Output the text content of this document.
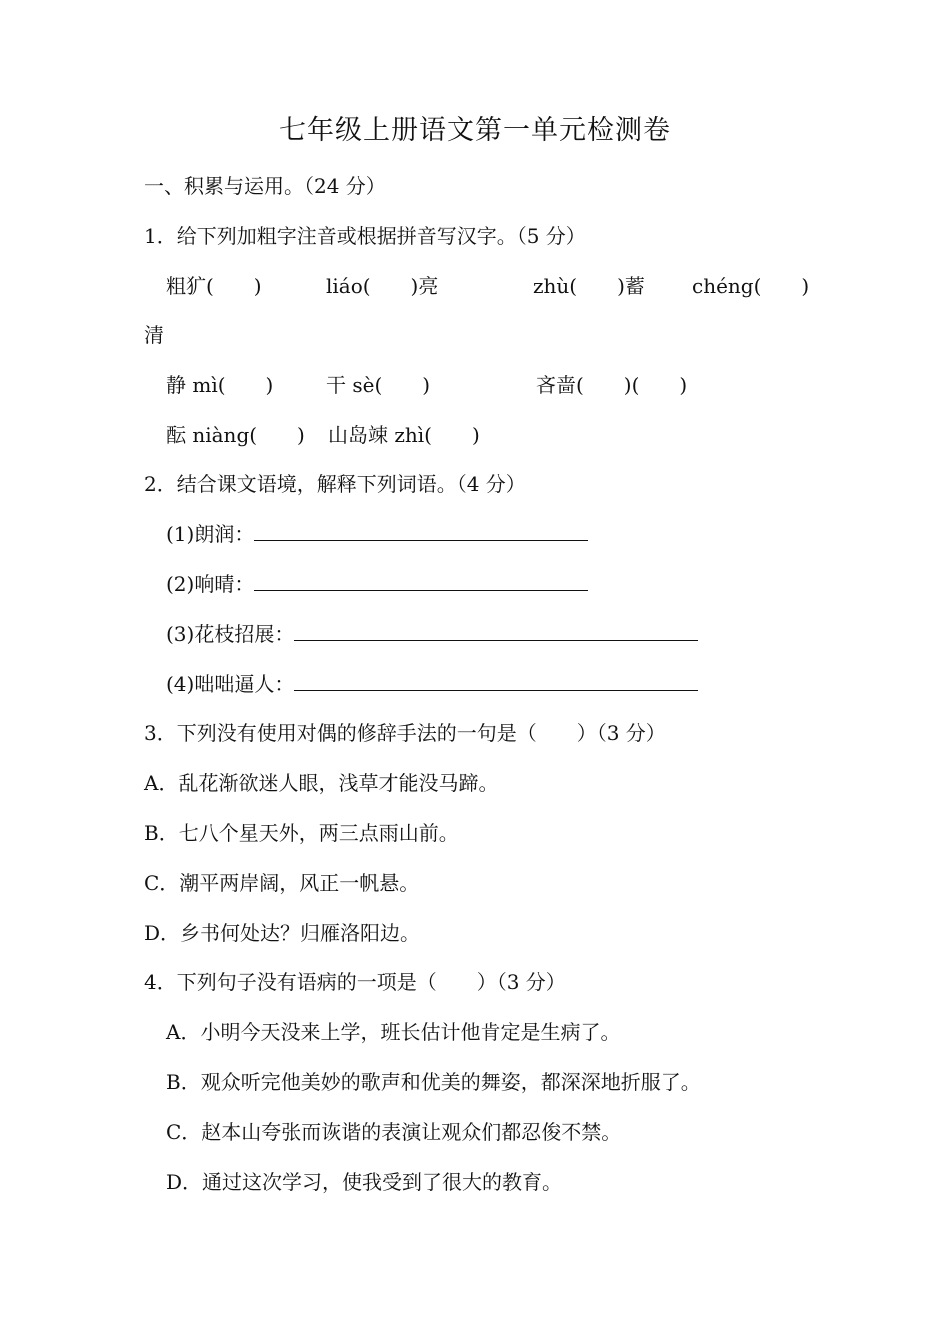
七年级上册语文第一单元检测卷
一、积累与运用。（24 分）
1．给下列加粗字注音或根据拼音写汉字。（5 分）
粗犷(　　)	liáo(　　)亮	zhù(　　)蓄 chéng(　　)
清
静 mì(　　)	干 sè(　　)	吝啬(　　)(　　)
酝 niàng(　　) 山岛竦 zhì(　　)
2．结合课文语境，解释下列词语。（4 分）
(1)朗润：
(2)响晴：
(3)花枝招展：
(4)咄咄逼人：
3．下列没有使用对偶的修辞手法的一句是（　　）（3 分）
A．乱花渐欲迷人眼，浅草才能没马蹄。
B．七八个星天外，两三点雨山前。
C．潮平两岸阔，风正一帆悬。
D．乡书何处达？归雁洛阳边。
4．下列句子没有语病的一项是（　　）（3 分）
A．小明今天没来上学，班长估计他肯定是生病了。
B．观众听完他美妙的歌声和优美的舞姿，都深深地折服了。
C．赵本山夸张而诙谐的表演让观众们都忍俊不禁。
D．通过这次学习，使我受到了很大的教育。
